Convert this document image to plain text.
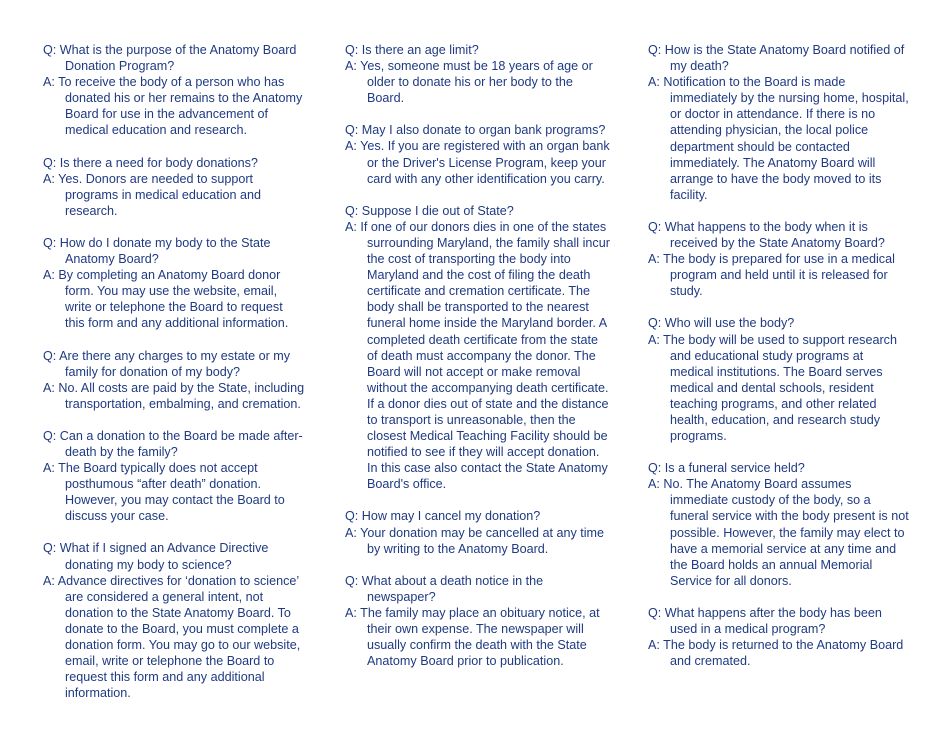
Q: What is the purpose of the Anatomy Board Donation Program?

A: To receive the body of a person who has donated his or her remains to the Anatomy Board for use in the advancement of medical education and research.

Q: Is there a need for body donations?

A: Yes. Donors are needed to support programs in medical education and research.

Q: How do I donate my body to the State Anatomy Board?

A: By completing an Anatomy Board donor form. You may use the website, email, write or telephone the Board to request this form and any additional information.

Q: Are there any charges to my estate or my family for donation of my body?

A: No. All costs are paid by the State, including transportation, embalming, and cremation.

Q: Can a donation to the Board be made after-death by the family?

A: The Board typically does not accept posthumous “after death” donation. However, you may contact the Board to discuss your case.

Q: What if I signed an Advance Directive donating my body to science?

A: Advance directives for ‘donation to science’ are considered a general intent, not donation to the State Anatomy Board. To donate to the Board, you must complete a donation form. You may go to our website, email, write or telephone the Board to request this form and any additional information.

Q: Is there an age limit?

A: Yes, someone must be 18 years of age or older to donate his or her body to the Board.

Q: May I also donate to organ bank programs?

A: Yes. If you are registered with an organ bank or the Driver's License Program, keep your card with any other identification you carry.

Q: Suppose I die out of State?

A: If one of our donors dies in one of the states surrounding Maryland, the family shall incur the cost of transporting the body into Maryland and the cost of filing the death certificate and cremation certificate. The body shall be transported to the nearest funeral home inside the Maryland border. A completed death certificate from the state of death must accompany the donor. The Board will not accept or make removal without the accompanying death certificate.
If a donor dies out of state and the distance to transport is unreasonable, then the closest Medical Teaching Facility should be notified to see if they will accept donation. In this case also contact the State Anatomy Board's office.

Q: How may I cancel my donation?

A: Your donation may be cancelled at any time by writing to the Anatomy Board.

Q: What about a death notice in the newspaper?

A: The family may place an obituary notice, at their own expense. The newspaper will usually confirm the death with the State Anatomy Board prior to publication.

Q: How is the State Anatomy Board notified of my death?

A: Notification to the Board is made immediately by the nursing home, hospital, or doctor in attendance. If there is no attending physician, the local police department should be contacted immediately. The Anatomy Board will arrange to have the body moved to its facility.

Q: What happens to the body when it is received by the State Anatomy Board?

A: The body is prepared for use in a medical program and held until it is released for study.

Q: Who will use the body?

A: The body will be used to support research and educational study programs at medical institutions. The Board serves medical and dental schools, resident teaching programs, and other related health, education, and research study programs.

Q: Is a funeral service held?

A: No. The Anatomy Board assumes immediate custody of the body, so a funeral service with the body present is not possible. However, the family may elect to have a memorial service at any time and the Board holds an annual Memorial Service for all donors.

Q: What happens after the body has been used in a medical program?

A: The body is returned to the Anatomy Board and cremated.
